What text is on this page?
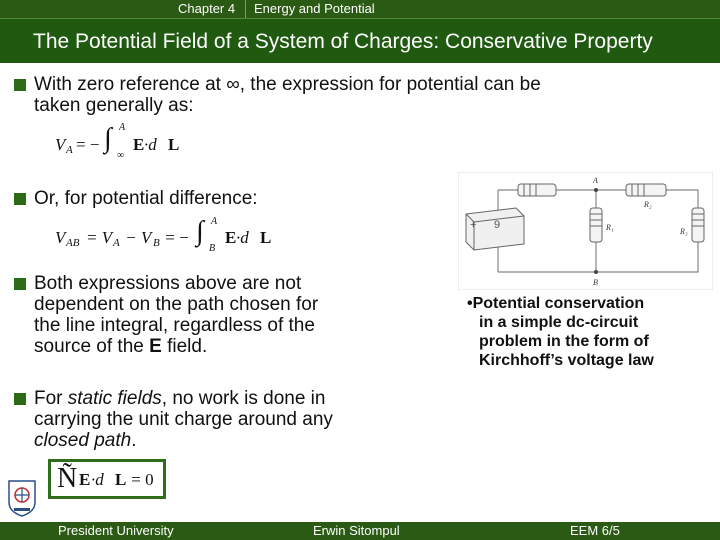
Chapter 4 Energy and Potential
The Potential Field of a System of Charges: Conservative Property
With zero reference at ∞, the expression for potential can be
taken generally as:
V A = − ∫ A
∞
E ·d L
Or, for potential difference:
V AB = V A − V B = − ∫ A
B
E ·d L
Both expressions above are not
dependent on the path chosen for
the line integral, regardless of the
source of the E field.
A
B
R₁
R₂
R₃
+ 9
•Potential conservation
in a simple dc-circuit
problem in the form of
Kirchhoff’s voltage law
For static fields, no work is done in
carrying the unit charge around any
closed path.
Ñ E ·d L = 0
President University	Erwin Sitompul	EEM 6/5
